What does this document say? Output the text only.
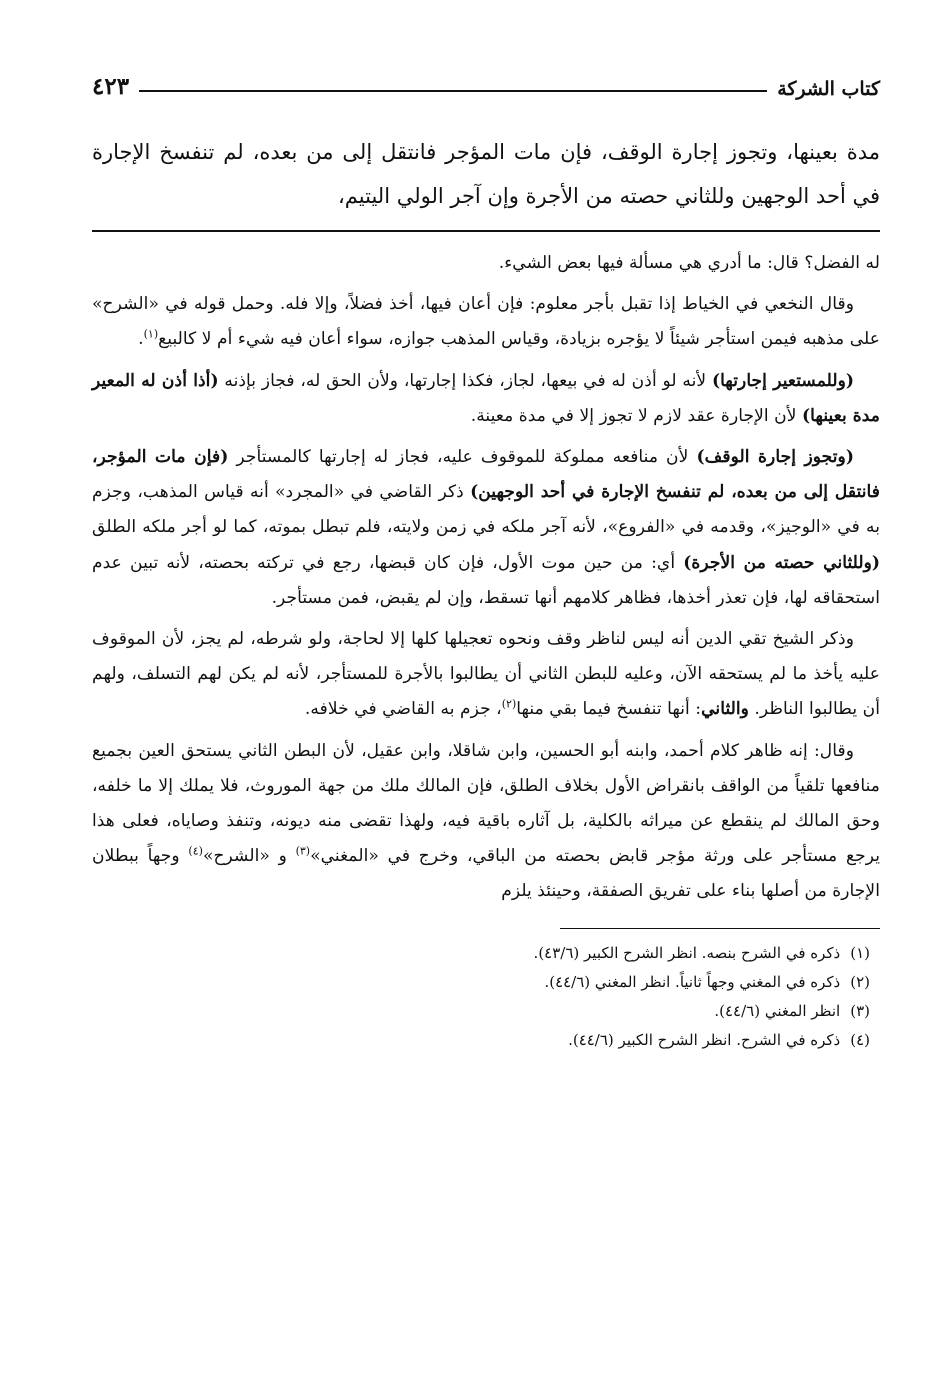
كتاب الشركة
٤٢٣
مدة بعينها، وتجوز إجارة الوقف، فإن مات المؤجر فانتقل إلى من بعده، لم تنفسخ الإجارة في أحد الوجهين وللثاني حصته من الأجرة وإن آجر الولي اليتيم،

له الفضل؟ قال: ما أدري هي مسألة فيها بعض الشيء.

وقال النخعي في الخياط إذا تقبل بأجر معلوم: فإن أعان فيها، أخذ فضلاً، وإلا فله. وحمل قوله في «الشرح» على مذهبه فيمن استأجر شيئاً لا يؤجره بزيادة، وقياس المذهب جوازه، سواء أعان فيه شيء أم لا كالبيع$^{(١)}$.

(وللمستعير إجارتها) لأنه لو أذن له في بيعها، لجاز، فكذا إجارتها، ولأن الحق له، فجاز بإذنه (أذا أذن له المعير مدة بعينها) لأن الإجارة عقد لازم لا تجوز إلا في مدة معينة.

(وتجوز إجارة الوقف) لأن منافعه مملوكة للموقوف عليه، فجاز له إجارتها كالمستأجر (فإن مات المؤجر، فانتقل إلى من بعده، لم تنفسخ الإجارة في أحد الوجهين) ذكر القاضي في «المجرد» أنه قياس المذهب، وجزم به في «الوجيز»، وقدمه في «الفروع»، لأنه آجر ملكه في زمن ولايته، فلم تبطل بموته، كما لو أجر ملكه الطلق (وللثاني حصته من الأجرة) أي: من حين موت الأول، فإن كان قبضها، رجع في تركته بحصته، لأنه تبين عدم استحقاقه لها، فإن تعذر أخذها، فظاهر كلامهم أنها تسقط، وإن لم يقبض، فمن مستأجر.

وذكر الشيخ تقي الدين أنه ليس لناظر وقف ونحوه تعجيلها كلها إلا لحاجة، ولو شرطه، لم يجز، لأن الموقوف عليه يأخذ ما لم يستحقه الآن، وعليه للبطن الثاني أن يطالبوا بالأجرة للمستأجر، لأنه لم يكن لهم التسلف، ولهم أن يطالبوا الناظر. والثاني: أنها تنفسخ فيما بقي منها$^{(٢)}$، جزم به القاضي في خلافه.

وقال: إنه ظاهر كلام أحمد، وابنه أبو الحسين، وابن شاقلا، وابن عقيل، لأن البطن الثاني يستحق العين بجميع منافعها تلقياً من الواقف بانقراض الأول بخلاف الطلق، فإن المالك ملك من جهة الموروث، فلا يملك إلا ما خلفه، وحق المالك لم ينقطع عن ميراثه بالكلية، بل آثاره باقية فيه، ولهذا تقضى منه ديونه، وتنفذ وصاياه، فعلى هذا يرجع مستأجر على ورثة مؤجر قابض بحصته من الباقي، وخرج في «المغني»$^{(٣)}$ و «الشرح»$^{(٤)}$ وجهاً ببطلان الإجارة من أصلها بناء على تفريق الصفقة، وحينئذ يلزم

(١)
ذكره في الشرح بنصه. انظر الشرح الكبير (٤٣/٦).
(٢)
ذكره في المغني وجهاً ثانياً. انظر المغني (٤٤/٦).
(٣)
انظر المغني (٤٤/٦).
(٤)
ذكره في الشرح. انظر الشرح الكبير (٤٤/٦).
